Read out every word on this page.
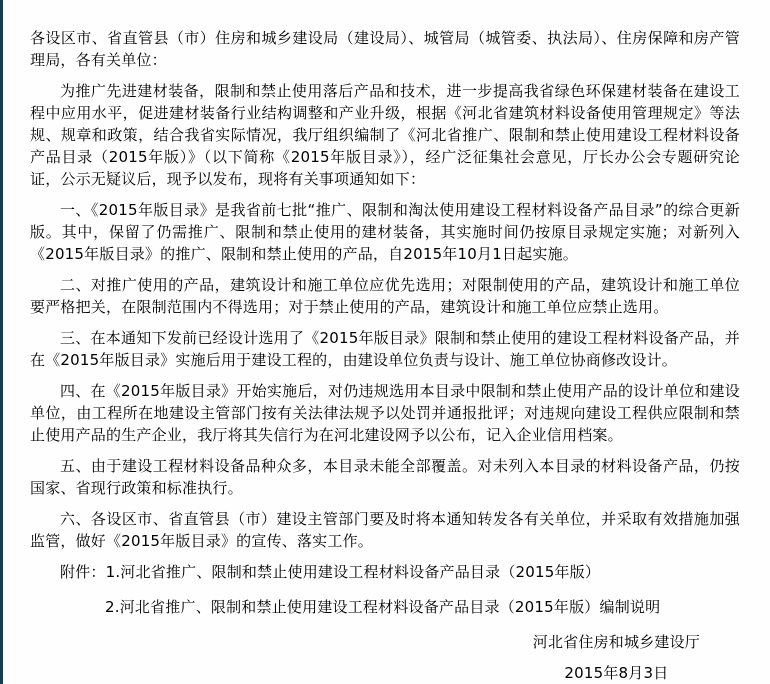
各设区市、省直管县（市）住房和城乡建设局（建设局）、城管局（城管委、执法局）、住房保障和房产管理局，各有关单位：

为推广先进建材装备，限制和禁止使用落后产品和技术，进一步提高我省绿色环保建材装备在建设工程中应用水平，促进建材装备行业结构调整和产业升级，根据《河北省建筑材料设备使用管理规定》等法规、规章和政策，结合我省实际情况，我厅组织编制了《河北省推广、限制和禁止使用建设工程材料设备产品目录（2015年版）》（以下简称《2015年版目录》），经广泛征集社会意见，厅长办公会专题研究论证，公示无疑议后，现予以发布，现将有关事项通知如下：

一、《2015年版目录》是我省前七批“推广、限制和淘汰使用建设工程材料设备产品目录”的综合更新版。其中，保留了仍需推广、限制和禁止使用的建材装备，其实施时间仍按原目录规定实施；对新列入《2015年版目录》的推广、限制和禁止使用的产品，自2015年10月1日起实施。

二、对推广使用的产品，建筑设计和施工单位应优先选用；对限制使用的产品，建筑设计和施工单位要严格把关，在限制范围内不得选用；对于禁止使用的产品，建筑设计和施工单位应禁止选用。

三、在本通知下发前已经设计选用了《2015年版目录》限制和禁止使用的建设工程材料设备产品，并在《2015年版目录》实施后用于建设工程的，由建设单位负责与设计、施工单位协商修改设计。

四、在《2015年版目录》开始实施后，对仍违规选用本目录中限制和禁止使用产品的设计单位和建设单位，由工程所在地建设主管部门按有关法律法规予以处罚并通报批评；对违规向建设工程供应限制和禁止使用产品的生产企业，我厅将其失信行为在河北建设网予以公布，记入企业信用档案。

五、由于建设工程材料设备品种众多，本目录未能全部覆盖。对未列入本目录的材料设备产品，仍按国家、省现行政策和标准执行。

六、各设区市、省直管县（市）建设主管部门要及时将本通知转发各有关单位，并采取有效措施加强监管，做好《2015年版目录》的宣传、落实工作。

附件：1.河北省推广、限制和禁止使用建设工程材料设备产品目录（2015年版）

2.河北省推广、限制和禁止使用建设工程材料设备产品目录（2015年版）编制说明

河北省住房和城乡建设厅

2015年8月3日
